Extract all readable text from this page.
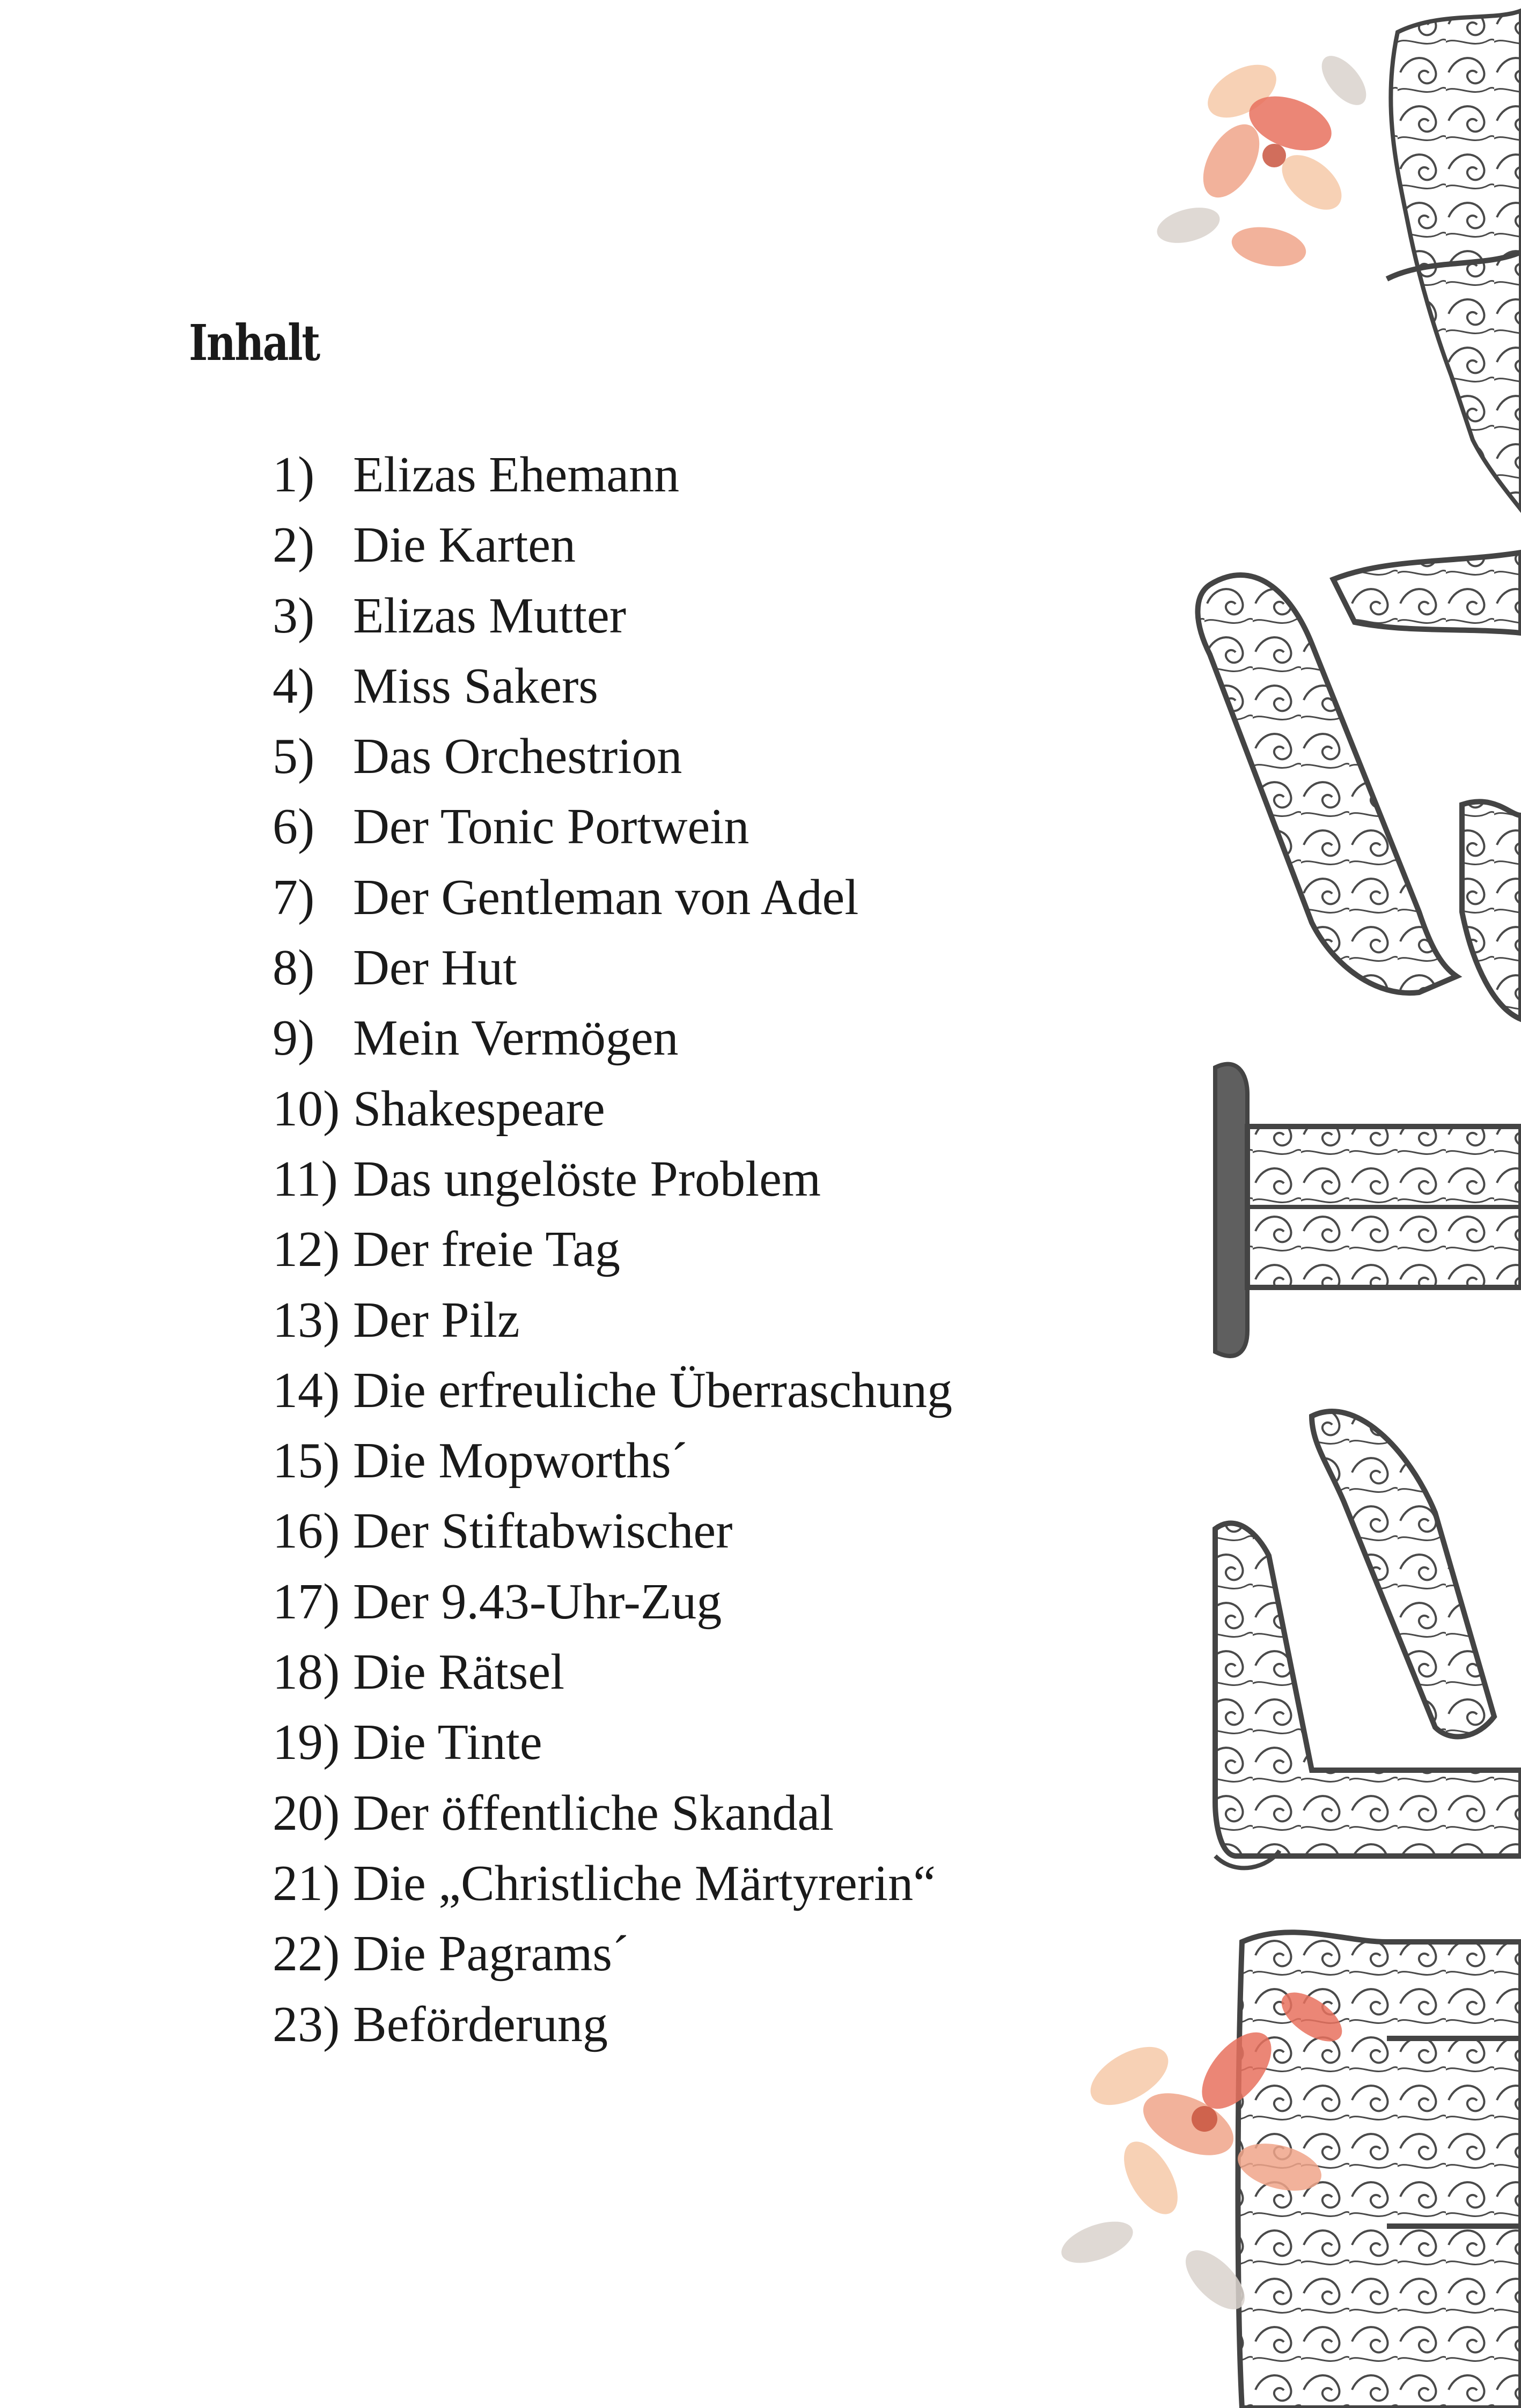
Inhalt
1) Elizas Ehemann
2) Die Karten
3) Elizas Mutter
4) Miss Sakers
5) Das Orchestrion
6) Der Tonic Portwein
7) Der Gentleman von Adel
8) Der Hut
9) Mein Vermögen
10) Shakespeare
11) Das ungelöste Problem
12) Der freie Tag
13) Der Pilz
14) Die erfreuliche Überraschung
15) Die Mopworths´
16) Der Stiftabwischer
17) Der 9.43-Uhr-Zug
18) Die Rätsel
19) Die Tinte
20) Der öffentliche Skandal
21) Die „Christliche Märtyrerin“
22) Die Pagrams´
23) Beförderung
